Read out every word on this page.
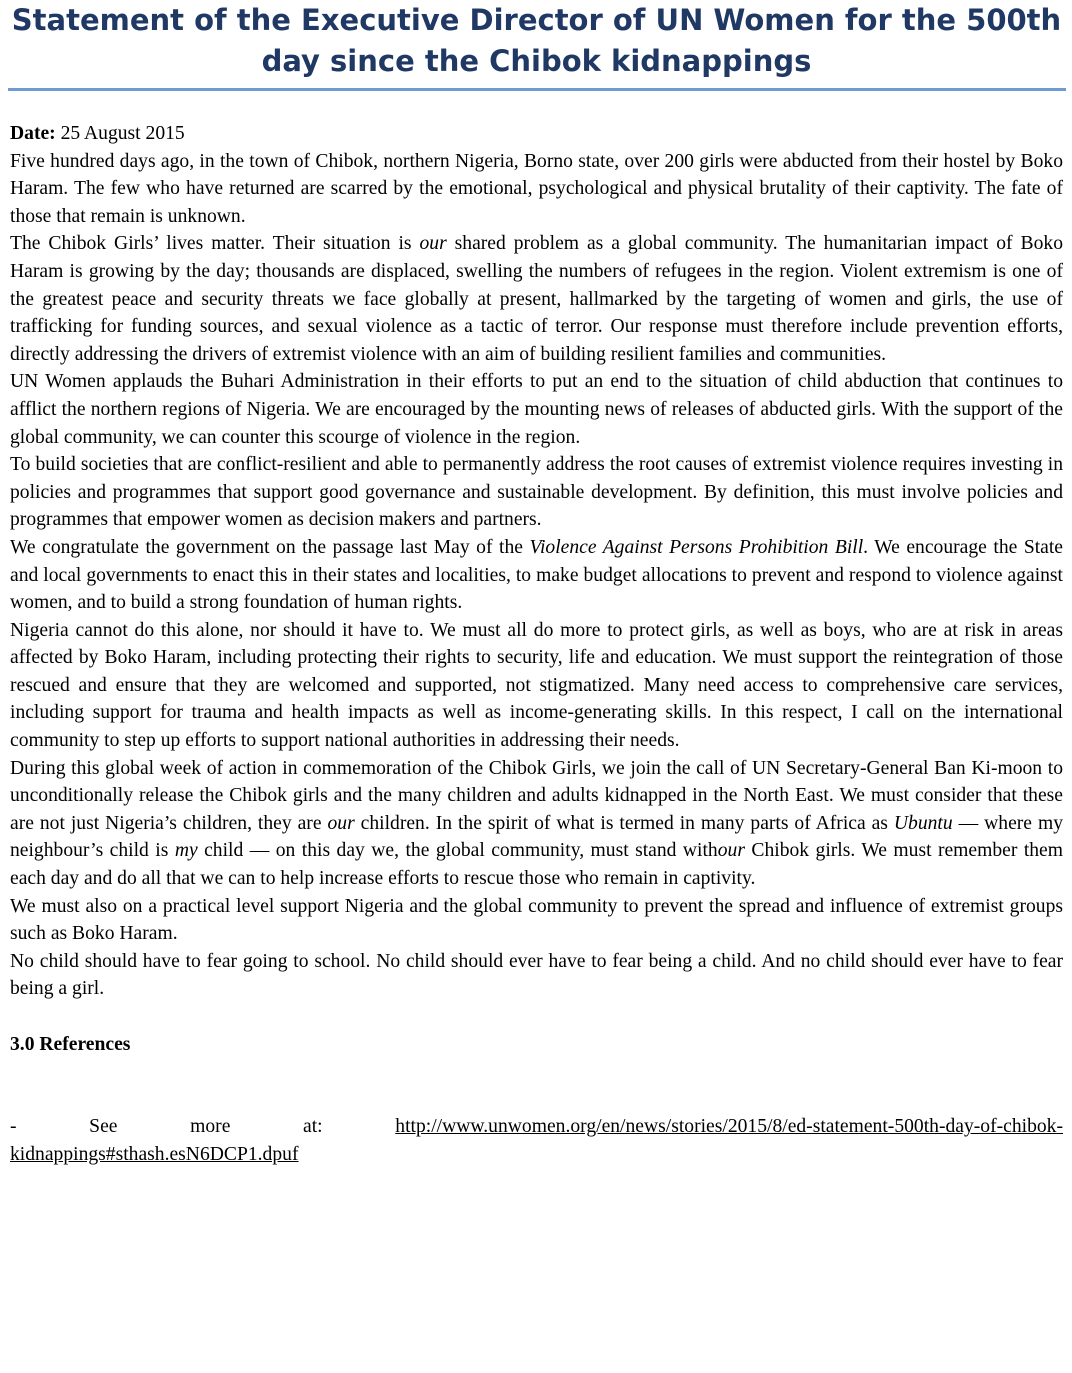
Statement of the Executive Director of UN Women for the 500th day since the Chibok kidnappings

Date: 25 August 2015

Five hundred days ago, in the town of Chibok, northern Nigeria, Borno state, over 200 girls were abducted from their hostel by Boko Haram. The few who have returned are scarred by the emotional, psychological and physical brutality of their captivity. The fate of those that remain is unknown.

The Chibok Girls’ lives matter. Their situation is our shared problem as a global community. The humanitarian impact of Boko Haram is growing by the day; thousands are displaced, swelling the numbers of refugees in the region. Violent extremism is one of the greatest peace and security threats we face globally at present, hallmarked by the targeting of women and girls, the use of trafficking for funding sources, and sexual violence as a tactic of terror. Our response must therefore include prevention efforts, directly addressing the drivers of extremist violence with an aim of building resilient families and communities.

UN Women applauds the Buhari Administration in their efforts to put an end to the situation of child abduction that continues to afflict the northern regions of Nigeria. We are encouraged by the mounting news of releases of abducted girls. With the support of the global community, we can counter this scourge of violence in the region.

To build societies that are conflict-resilient and able to permanently address the root causes of extremist violence requires investing in policies and programmes that support good governance and sustainable development. By definition, this must involve policies and programmes that empower women as decision makers and partners.

We congratulate the government on the passage last May of the Violence Against Persons Prohibition Bill. We encourage the State and local governments to enact this in their states and localities, to make budget allocations to prevent and respond to violence against women, and to build a strong foundation of human rights.

Nigeria cannot do this alone, nor should it have to. We must all do more to protect girls, as well as boys, who are at risk in areas affected by Boko Haram, including protecting their rights to security, life and education. We must support the reintegration of those rescued and ensure that they are welcomed and supported, not stigmatized. Many need access to comprehensive care services, including support for trauma and health impacts as well as income-generating skills. In this respect, I call on the international community to step up efforts to support national authorities in addressing their needs.

During this global week of action in commemoration of the Chibok Girls, we join the call of UN Secretary-General Ban Ki-moon to unconditionally release the Chibok girls and the many children and adults kidnapped in the North East. We must consider that these are not just Nigeria’s children, they are our children. In the spirit of what is termed in many parts of Africa as Ubuntu — where my neighbour’s child is my child — on this day we, the global community, must stand withour Chibok girls. We must remember them each day and do all that we can to help increase efforts to rescue those who remain in captivity.

We must also on a practical level support Nigeria and the global community to prevent the spread and influence of extremist groups such as Boko Haram.

No child should have to fear going to school. No child should ever have to fear being a child. And no child should ever have to fear being a girl.

3.0 References

- See more at: http://www.unwomen.org/en/news/stories/2015/8/ed-statement-500th-day-of-chibok-kidnappings#sthash.esN6DCP1.dpuf
